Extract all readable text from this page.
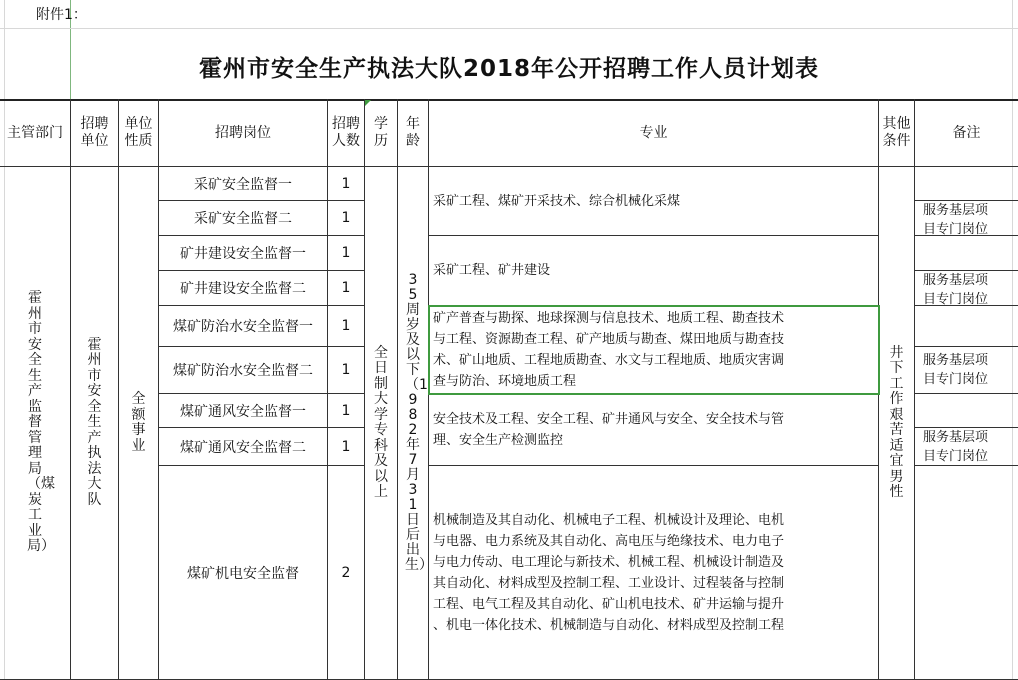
附件1：
霍州市安全生产执法大队2018年公开招聘工作人员计划表
主管部门
招聘单位
单位性质
招聘岗位
招聘人数
学历
年龄
专业
其他条件
备注
霍州市安全生产监督管理局（煤炭工业局）
霍州市安全生产执法大队
全额事业
全日制大学专科及以上
35周岁及以下（1982年7月31日后出生）
井下工作艰苦适宜男性
采矿安全监督一
采矿安全监督二
矿井建设安全监督一
矿井建设安全监督二
煤矿防治水安全监督一
煤矿防治水安全监督二
煤矿通风安全监督一
煤矿通风安全监督二
煤矿机电安全监督
1
1
1
1
1
1
1
1
2
采矿工程、煤矿开采技术、综合机械化采煤
采矿工程、矿井建设
矿产普查与勘探、地球探测与信息技术、地质工程、勘查技术
与工程、资源勘查工程、矿产地质与勘查、煤田地质与勘查技
术、矿山地质、工程地质勘查、水文与工程地质、地质灾害调
查与防治、环境地质工程
安全技术及工程、安全工程、矿井通风与安全、安全技术与管
理、安全生产检测监控
机械制造及其自动化、机械电子工程、机械设计及理论、电机
与电器、电力系统及其自动化、高电压与绝缘技术、电力电子
与电力传动、电工理论与新技术、机械工程、机械设计制造及
其自动化、材料成型及控制工程、工业设计、过程装备与控制
工程、电气工程及其自动化、矿山机电技术、矿井运输与提升
、机电一体化技术、机械制造与自动化、材料成型及控制工程
服务基层项
目专门岗位
服务基层项
目专门岗位
服务基层项
目专门岗位
服务基层项
目专门岗位
